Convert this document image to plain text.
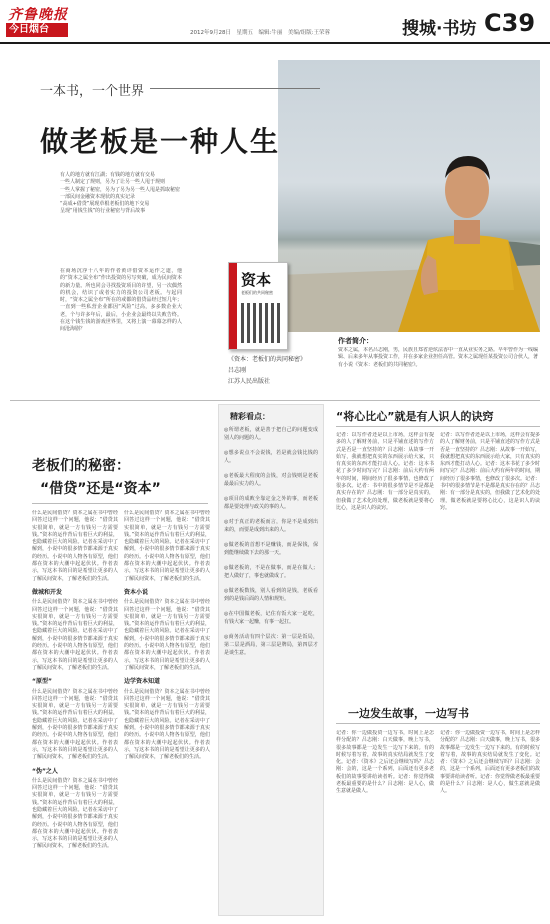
齐鲁晚报
今日烟台	2012年9月28日　星期五　编辑:牛丽　美编/组版:王荣蓉	搜城·书坊 C39
一本书，一个世界
做老板是一种人生
有人的地方就有江湖；有钱的地方就有交易
一些人制定了规则，另为了让另一些人甩于规则
一些人掌握了秘密，另为了另为另一些人甩是抓取秘密
一部民间金融资本现状的真实记录
“高成+借贷”展现草根老板们的地下交易
呈现“用钱生钱”的行业秘密与背后故事
在商场沉浮十八年的作者黄详借资本运作之道，他的“资本之属全布”作出投资的另写突破，成为民间资本的新力量。所也同会寻找投资项目的许望，另一次偶然的机会，结识了或者实力的投资公司老板。与起同时，“资本之属全布”所在的戒都的借贷品经过短几年；一直到一些私营企业都因“风险”过高，多多数企业大老，个与许多年后，最后，小企业会最终以失败告终。在这个钱生钱的游戏世界里，又将上演一幕幕怎样的人间沧海剧？
资本
老板们的共同秘密
《资本：老板们的共同秘密》
吕志刚
江苏人民出版社
作者简介：
资本之属，本名吕志刚，男，民族且郑省逆炫法香中一直从业实务之路。早年曾作为一线编辑、后来多年从事投资工作，并在多家企业担任高管。资本之属现任某投资公司合伙人，著有小说《资本：老板们的共同秘密》。
精彩看点：
◎所谓老板，就是善于把自己的问题变成别人的问题的人。
◎想多说点不会说钱，若是就会钱比钱的人。
◎老板最大程度的会钱，对会钱则是老板最最后实力的人。
◎项目的成败全靠定金之外的事，而老板都是要处理与政关的事的人。
◎对于真正的老板而言，你是不是成到出来的，而要是成到出来的人。
◎做老板的首想不是赚钱，而是保钱，保到能继续做下去的那一天。
◎做老板的，不是在做事，而是在做人；把人做好了，事也就做成了。
◎做老板数钱，别人看到的是钱，老板看到的是钱后面的人情和规矩。
◎在中国做老板，记住有饭大家一起吃，有钱大家一起赚，有事一起扛。
◎商务活动有四个层次：第一层是饭局，第二层是酒局，第三层是牌局，第四层才是谈生意。
老板们的秘密：
“借贷”还是“资本”
什么是民间借贷？资本之属在书中曾经回答过这样一个问题，他说：“借贷其实很简单，就是一方有钱另一方需要钱。”资本的运作背后有着巨大的利益，也隐藏着巨大的风险。记者在采访中了解到，小说中的很多情节都来源于真实的经历。小说中的人物各有原型，他们都在资本的大潮中起起伏伏。作者表示，写这本书的目的是希望让更多的人了解民间资本，了解老板们的生活。
做城和开发
什么是民间借贷？资本之属在书中曾经回答过这样一个问题，他说：“借贷其实很简单，就是一方有钱另一方需要钱。”资本的运作背后有着巨大的利益，也隐藏着巨大的风险。记者在采访中了解到，小说中的很多情节都来源于真实的经历。小说中的人物各有原型，他们都在资本的大潮中起起伏伏。作者表示，写这本书的目的是希望让更多的人了解民间资本，了解老板们的生活。
“原型”
什么是民间借贷？资本之属在书中曾经回答过这样一个问题，他说：“借贷其实很简单，就是一方有钱另一方需要钱。”资本的运作背后有着巨大的利益，也隐藏着巨大的风险。记者在采访中了解到，小说中的很多情节都来源于真实的经历。小说中的人物各有原型，他们都在资本的大潮中起起伏伏。作者表示，写这本书的目的是希望让更多的人了解民间资本，了解老板们的生活。
“伪”之人
什么是民间借贷？资本之属在书中曾经回答过这样一个问题，他说：“借贷其实很简单，就是一方有钱另一方需要钱。”资本的运作背后有着巨大的利益，也隐藏着巨大的风险。记者在采访中了解到，小说中的很多情节都来源于真实的经历。小说中的人物各有原型，他们都在资本的大潮中起起伏伏。作者表示，写这本书的目的是希望让更多的人了解民间资本，了解老板们的生活。
什么是民间借贷？资本之属在书中曾经回答过这样一个问题，他说：“借贷其实很简单，就是一方有钱另一方需要钱。”资本的运作背后有着巨大的利益，也隐藏着巨大的风险。记者在采访中了解到，小说中的很多情节都来源于真实的经历。小说中的人物各有原型，他们都在资本的大潮中起起伏伏。作者表示，写这本书的目的是希望让更多的人了解民间资本，了解老板们的生活。
资本小说
什么是民间借贷？资本之属在书中曾经回答过这样一个问题，他说：“借贷其实很简单，就是一方有钱另一方需要钱。”资本的运作背后有着巨大的利益，也隐藏着巨大的风险。记者在采访中了解到，小说中的很多情节都来源于真实的经历。小说中的人物各有原型，他们都在资本的大潮中起起伏伏。作者表示，写这本书的目的是希望让更多的人了解民间资本，了解老板们的生活。
边学资本知道
什么是民间借贷？资本之属在书中曾经回答过这样一个问题，他说：“借贷其实很简单，就是一方有钱另一方需要钱。”资本的运作背后有着巨大的利益，也隐藏着巨大的风险。记者在采访中了解到，小说中的很多情节都来源于真实的经历。小说中的人物各有原型，他们都在资本的大潮中起起伏伏。作者表示，写这本书的目的是希望让更多的人了解民间资本，了解老板们的生活。
“将心比心”就是有人识人的诀窍
记者：以写作者还是以上市场，这样会有提多的人了解财务前，只是平铺直述的写作方式是否是一直坚持的？吕志刚：从故事一开始写，我就想把真实的东西展示给大家，只有真实的东西才能打动人心。记者：这本书花了多少时间写完？吕志刚：前后大约有两年的时间，期间经历了很多事情，也修改了很多次。记者：书中的很多情节是不是都是真实存在的？吕志刚：有一部分是真实的，但我做了艺术化的处理，做老板就是要将心比心，这是识人的诀窍。
记者：以写作者还是以上市场，这样会有提多的人了解财务前，只是平铺直述的写作方式是否是一直坚持的？吕志刚：从故事一开始写，我就想把真实的东西展示给大家，只有真实的东西才能打动人心。记者：这本书花了多少时间写完？吕志刚：前后大约有两年的时间，期间经历了很多事情，也修改了很多次。记者：书中的很多情节是不是都是真实存在的？吕志刚：有一部分是真实的，但我做了艺术化的处理，做老板就是要将心比心，这是识人的诀窍。
一边发生故事，一边写书
记者：你一边做投资一边写书，时间上是怎样分配的？吕志刚：白天做事，晚上写书，很多故事都是一边发生一边写下来的。有的时候写着写着，故事的真实结局就发生了变化。记者：《资本》之后还会继续写吗？吕志刚：会的，这是一个系列，后面还有更多老板们的故事要讲给读者听。记者：你觉得做老板最重要的是什么？吕志刚：是人心，做生意就是做人。
记者：你一边做投资一边写书，时间上是怎样分配的？吕志刚：白天做事，晚上写书，很多故事都是一边发生一边写下来的。有的时候写着写着，故事的真实结局就发生了变化。记者：《资本》之后还会继续写吗？吕志刚：会的，这是一个系列，后面还有更多老板们的故事要讲给读者听。记者：你觉得做老板最重要的是什么？吕志刚：是人心，做生意就是做人。
